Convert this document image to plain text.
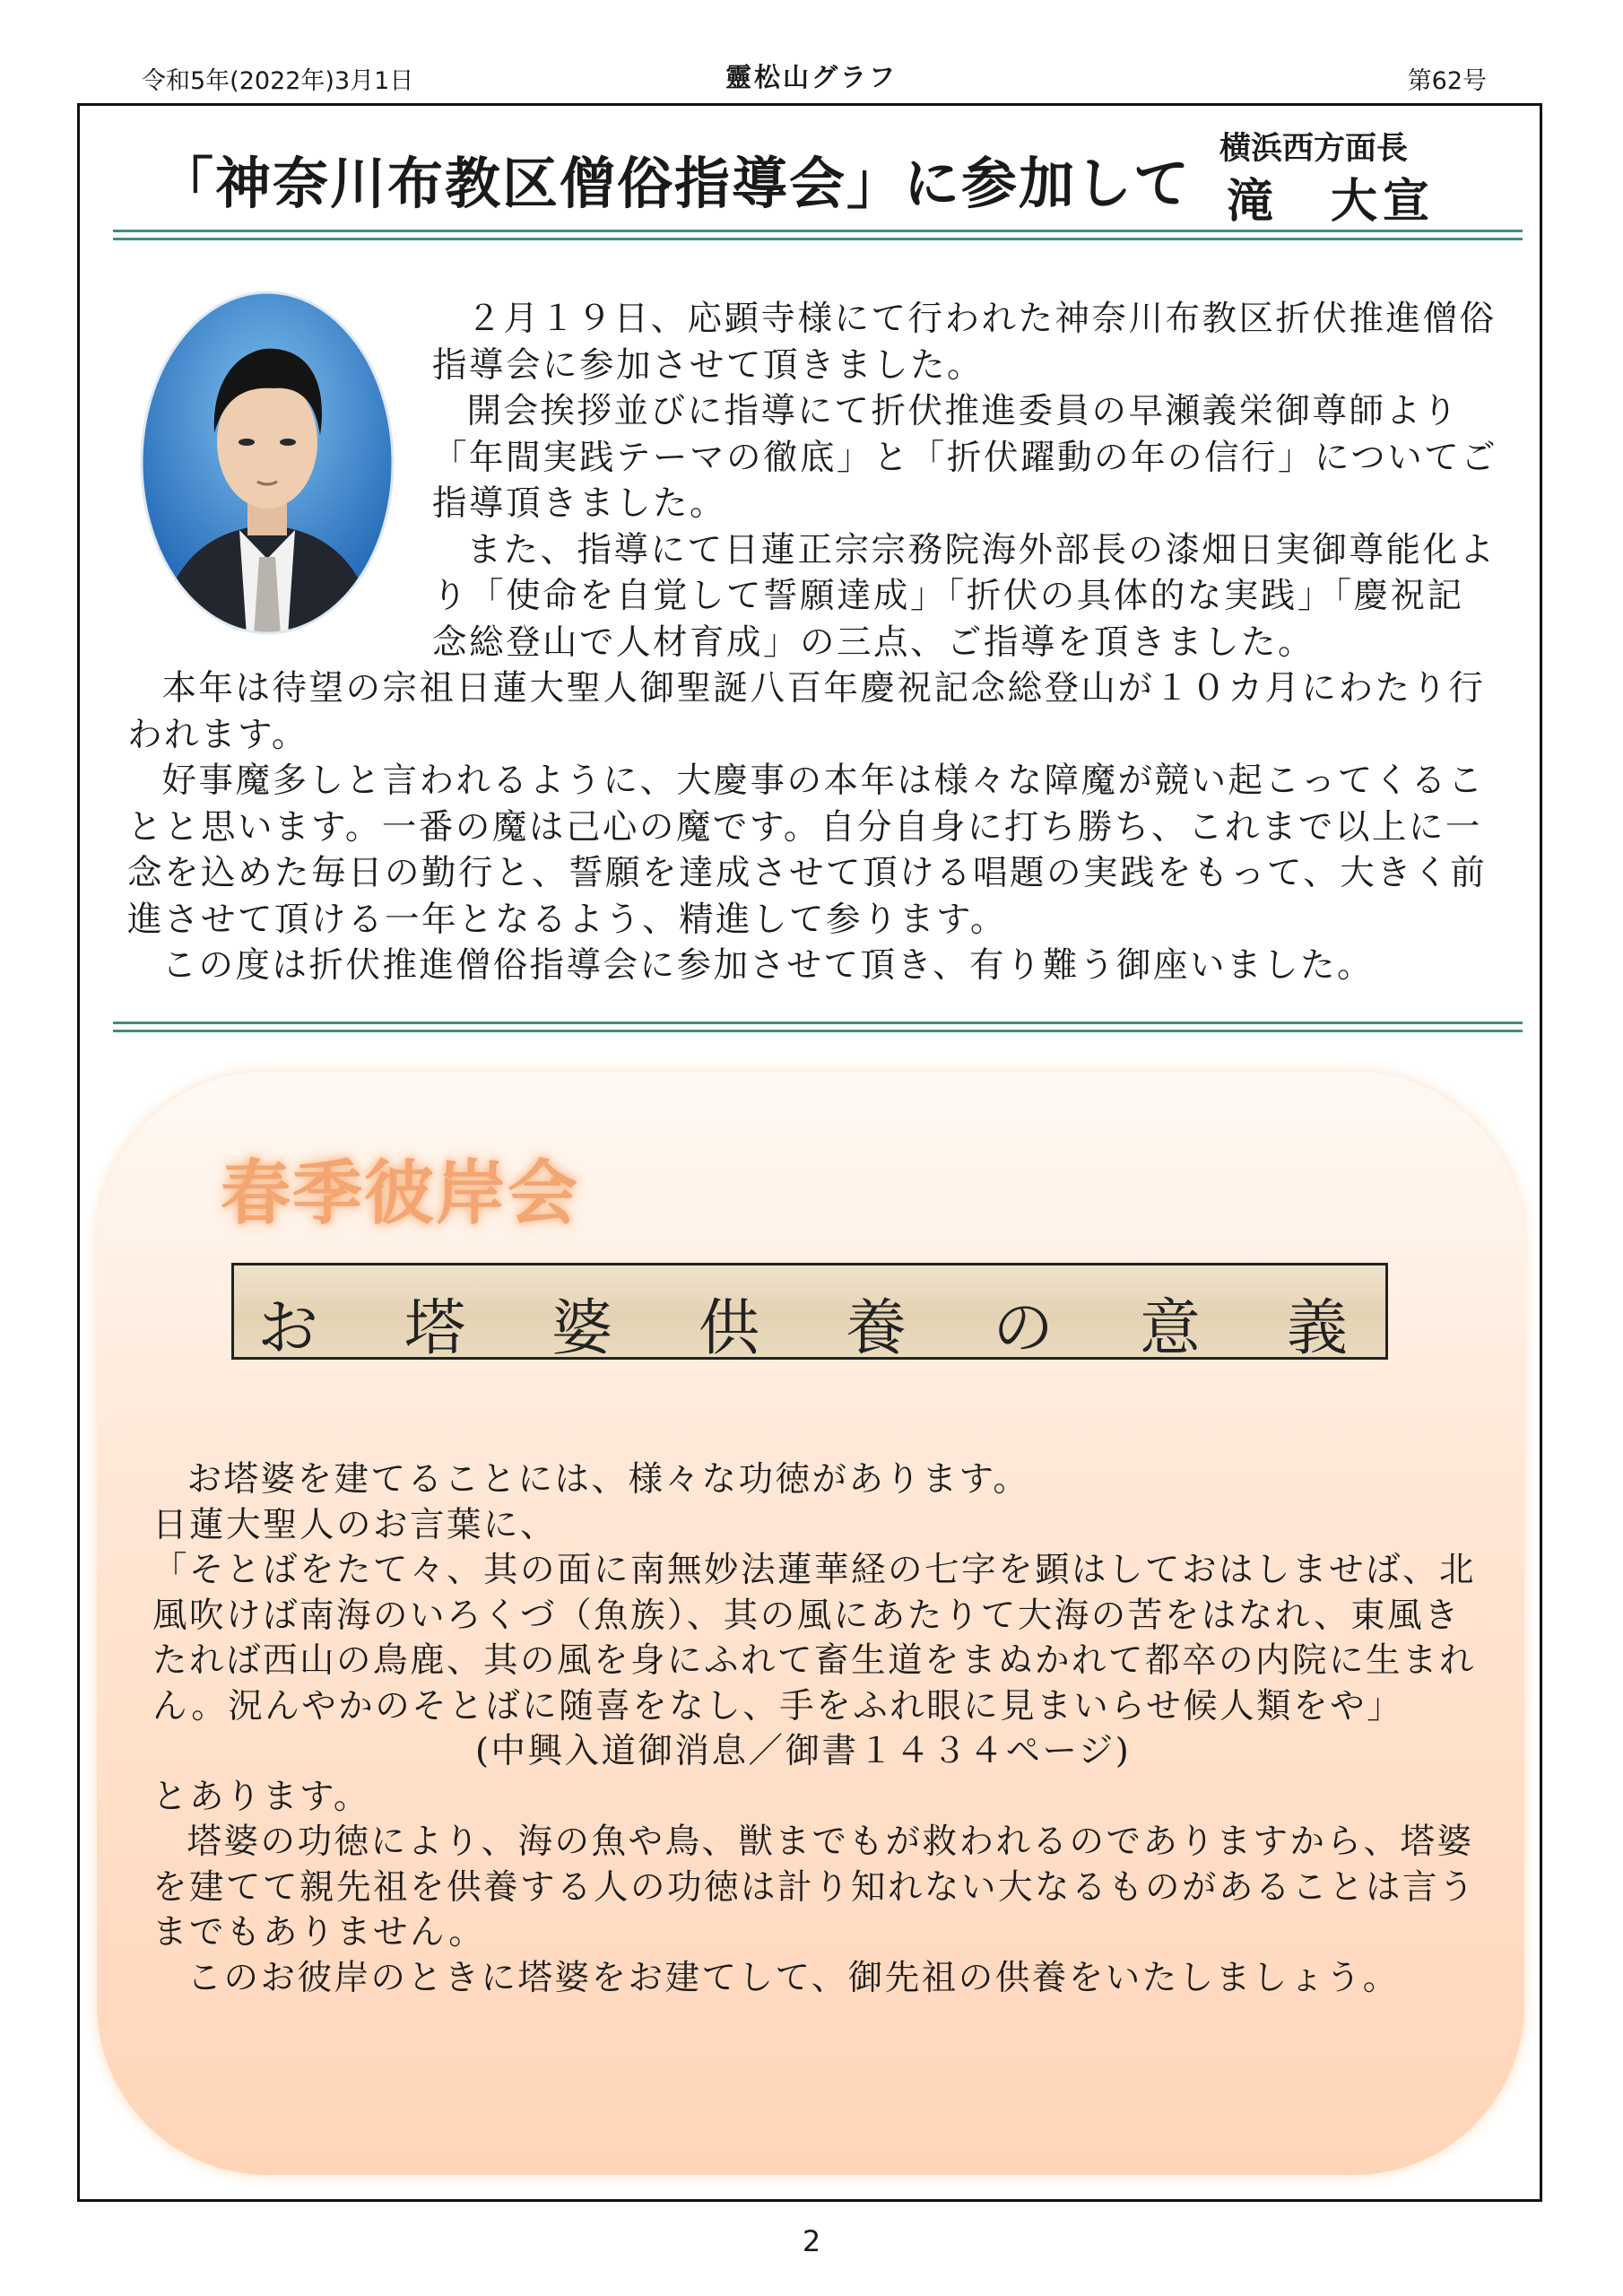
令和5年(2022年)3月1日	靈松山グラフ	第62号
「神奈川布教区僧俗指導会」に参加して
横浜西方面長
滝　大宣

２月１９日、応顕寺様にて行われた神奈川布教区折伏推進僧俗指導会に参加させて頂きました。

開会挨拶並びに指導にて折伏推進委員の早瀬義栄御尊師より「年間実践テーマの徹底」と「折伏躍動の年の信行」についてご指導頂きました。

また、指導にて日蓮正宗宗務院海外部長の漆畑日実御尊能化より「使命を自覚して誓願達成」「折伏の具体的な実践」「慶祝記念総登山で人材育成」の三点、ご指導を頂きました。

本年は待望の宗祖日蓮大聖人御聖誕八百年慶祝記念総登山が１０カ月にわたり行われます。

好事魔多しと言われるように、大慶事の本年は様々な障魔が競い起こってくることと思います。一番の魔は己心の魔です。自分自身に打ち勝ち、これまで以上に一念を込めた毎日の勤行と、誓願を達成させて頂ける唱題の実践をもって、大きく前進させて頂ける一年となるよう、精進して参ります。

この度は折伏推進僧俗指導会に参加させて頂き、有り難う御座いました。

春季彼岸会
お 塔 婆 供 養 の 意 義

お塔婆を建てることには、様々な功徳があります。

日蓮大聖人のお言葉に、

「そとばをたて々、其の面に南無妙法蓮華経の七字を顕はしておはしませば、北風吹けば南海のいろくづ（魚族）、其の風にあたりて大海の苦をはなれ、東風きたれば西山の鳥鹿、其の風を身にふれて畜生道をまぬかれて都卒の内院に生まれん。況んやかのそとばに随喜をなし、手をふれ眼に見まいらせ候人類をや」

(中興入道御消息／御書１４３４ページ)

とあります。

塔婆の功徳により、海の魚や鳥、獣までもが救われるのでありますから、塔婆を建てて親先祖を供養する人の功徳は計り知れない大なるものがあることは言うまでもありません。

このお彼岸のときに塔婆をお建てして、御先祖の供養をいたしましょう。

2
